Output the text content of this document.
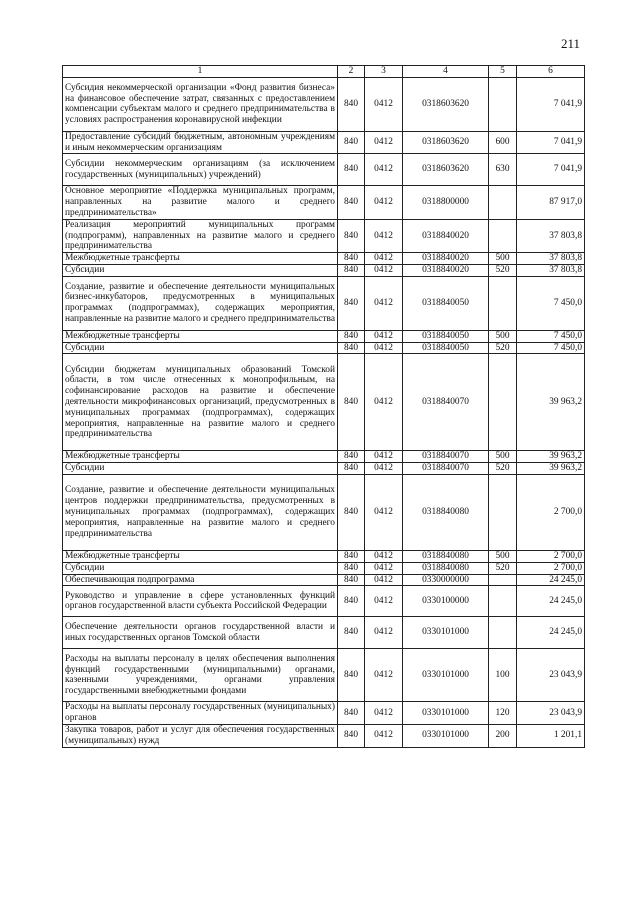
211
1	2	3	4	5	6
Субсидия некоммерческой организации «Фонд развития бизнеса» на финансовое обеспечение затрат, связанных с предоставлением компенсации субъектам малого и среднего предпринимательства в условиях распространения коронавирусной инфекции	840	0412	0318603620		7 041,9
Предоставление субсидий бюджетным, автономным учреждениям и иным некоммерческим организациям	840	0412	0318603620	600	7 041,9
Субсидии некоммерческим организациям (за исключением государственных (муниципальных) учреждений)	840	0412	0318603620	630	7 041,9
Основное мероприятие «Поддержка муниципальных программ, направленных на развитие малого и среднего предпринимательства»	840	0412	0318800000		87 917,0
Реализация мероприятий муниципальных программ (подпрограмм), направленных на развитие малого и среднего предпринимательства	840	0412	0318840020		37 803,8
Межбюджетные трансферты	840	0412	0318840020	500	37 803,8
Субсидии	840	0412	0318840020	520	37 803,8
Создание, развитие и обеспечение деятельности муниципальных бизнес-инкубаторов, предусмотренных в муниципальных программах (подпрограммах), содержащих мероприятия, направленные на развитие малого и среднего предпринимательства	840	0412	0318840050		7 450,0
Межбюджетные трансферты	840	0412	0318840050	500	7 450,0
Субсидии	840	0412	0318840050	520	7 450,0
Субсидии бюджетам муниципальных образований Томской области, в том числе отнесенных к монопрофильным, на софинансирование расходов на развитие и обеспечение деятельности микрофинансовых организаций, предусмотренных в муниципальных программах (подпрограммах), содержащих мероприятия, направленные на развитие малого и среднего предпринимательства	840	0412	0318840070		39 963,2
Межбюджетные трансферты	840	0412	0318840070	500	39 963,2
Субсидии	840	0412	0318840070	520	39 963,2
Создание, развитие и обеспечение деятельности муниципальных центров поддержки предпринимательства, предусмотренных в муниципальных программах (подпрограммах), содержащих мероприятия, направленные на развитие малого и среднего предпринимательства	840	0412	0318840080		2 700,0
Межбюджетные трансферты	840	0412	0318840080	500	2 700,0
Субсидии	840	0412	0318840080	520	2 700,0
Обеспечивающая подпрограмма	840	0412	0330000000		24 245,0
Руководство и управление в сфере установленных функций органов государственной власти субъекта Российской Федерации	840	0412	0330100000		24 245,0
Обеспечение деятельности органов государственной власти и иных государственных органов Томской области	840	0412	0330101000		24 245,0
Расходы на выплаты персоналу в целях обеспечения выполнения функций государственными (муниципальными) органами, казенными учреждениями, органами управления государственными внебюджетными фондами	840	0412	0330101000	100	23 043,9
Расходы на выплаты персоналу государственных (муниципальных) органов	840	0412	0330101000	120	23 043,9
Закупка товаров, работ и услуг для обеспечения государственных (муниципальных) нужд	840	0412	0330101000	200	1 201,1
